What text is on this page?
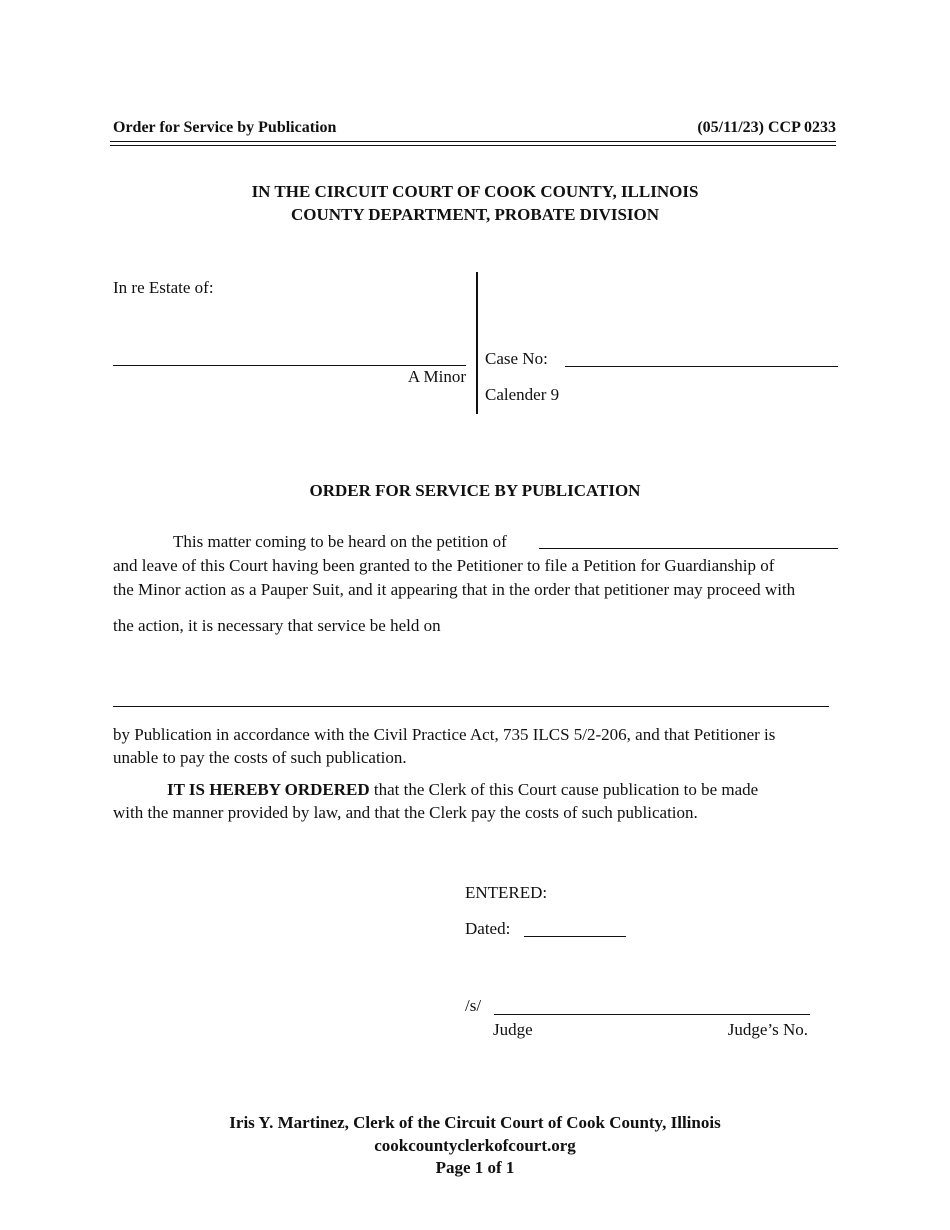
Order for Service by Publication	(05/11/23) CCP 0233
IN THE CIRCUIT COURT OF COOK COUNTY, ILLINOIS
COUNTY DEPARTMENT, PROBATE DIVISION
In re Estate of:
A Minor
Case No:
Calender 9
ORDER FOR SERVICE BY PUBLICATION
This matter coming to be heard on the petition of
and leave of this Court having been granted to the Petitioner to file a Petition for Guardianship of
the Minor action as a Pauper Suit, and it appearing that in the order that petitioner may proceed with
the action, it is necessary that service be held on
by Publication in accordance with the Civil Practice Act, 735 ILCS 5/2-206, and that Petitioner is
unable to pay the costs of such publication.
IT IS HEREBY ORDERED that the Clerk of this Court cause publication to be made
with the manner provided by law, and that the Clerk pay the costs of such publication.
ENTERED:
Dated:
/s/
Judge	Judge’s No.
Iris Y. Martinez, Clerk of the Circuit Court of Cook County, Illinois
cookcountyclerkofcourt.org
Page 1 of 1
